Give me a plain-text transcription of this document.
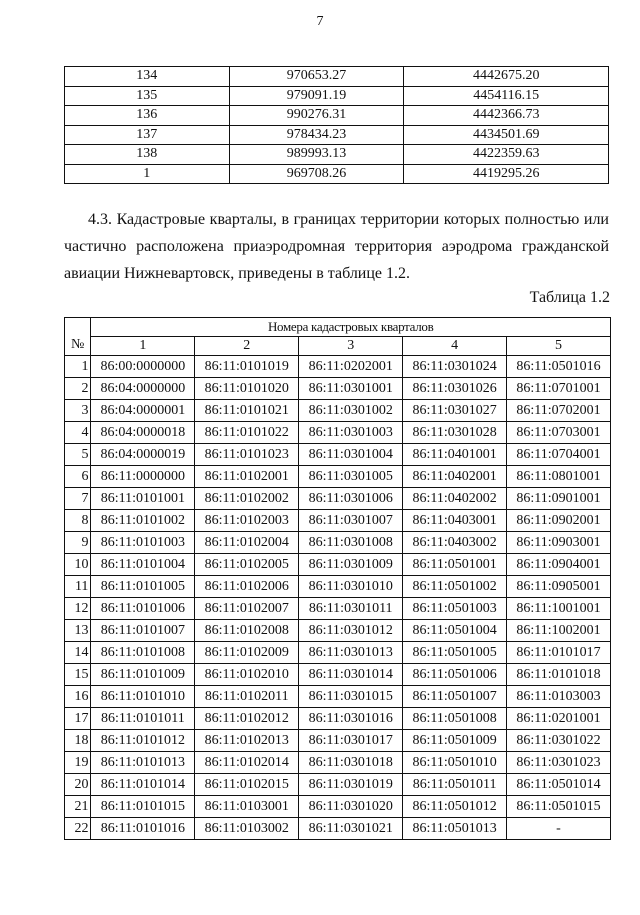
7
134	970653.27	4442675.20
135	979091.19	4454116.15
136	990276.31	4442366.73
137	978434.23	4434501.69
138	989993.13	4422359.63
1	969708.26	4419295.26

4.3. Кадастровые кварталы, в границах территории которых полностью или частично расположена приаэродромная территория аэродрома гражданской авиации Нижневартовск, приведены в таблице 1.2.

Таблица 1.2
№	Номера кадастровых кварталов				
	1	2	3	4	5
1	86:00:0000000	86:11:0101019	86:11:0202001	86:11:0301024	86:11:0501016
2	86:04:0000000	86:11:0101020	86:11:0301001	86:11:0301026	86:11:0701001
3	86:04:0000001	86:11:0101021	86:11:0301002	86:11:0301027	86:11:0702001
4	86:04:0000018	86:11:0101022	86:11:0301003	86:11:0301028	86:11:0703001
5	86:04:0000019	86:11:0101023	86:11:0301004	86:11:0401001	86:11:0704001
6	86:11:0000000	86:11:0102001	86:11:0301005	86:11:0402001	86:11:0801001
7	86:11:0101001	86:11:0102002	86:11:0301006	86:11:0402002	86:11:0901001
8	86:11:0101002	86:11:0102003	86:11:0301007	86:11:0403001	86:11:0902001
9	86:11:0101003	86:11:0102004	86:11:0301008	86:11:0403002	86:11:0903001
10	86:11:0101004	86:11:0102005	86:11:0301009	86:11:0501001	86:11:0904001
11	86:11:0101005	86:11:0102006	86:11:0301010	86:11:0501002	86:11:0905001
12	86:11:0101006	86:11:0102007	86:11:0301011	86:11:0501003	86:11:1001001
13	86:11:0101007	86:11:0102008	86:11:0301012	86:11:0501004	86:11:1002001
14	86:11:0101008	86:11:0102009	86:11:0301013	86:11:0501005	86:11:0101017
15	86:11:0101009	86:11:0102010	86:11:0301014	86:11:0501006	86:11:0101018
16	86:11:0101010	86:11:0102011	86:11:0301015	86:11:0501007	86:11:0103003
17	86:11:0101011	86:11:0102012	86:11:0301016	86:11:0501008	86:11:0201001
18	86:11:0101012	86:11:0102013	86:11:0301017	86:11:0501009	86:11:0301022
19	86:11:0101013	86:11:0102014	86:11:0301018	86:11:0501010	86:11:0301023
20	86:11:0101014	86:11:0102015	86:11:0301019	86:11:0501011	86:11:0501014
21	86:11:0101015	86:11:0103001	86:11:0301020	86:11:0501012	86:11:0501015
22	86:11:0101016	86:11:0103002	86:11:0301021	86:11:0501013	-
